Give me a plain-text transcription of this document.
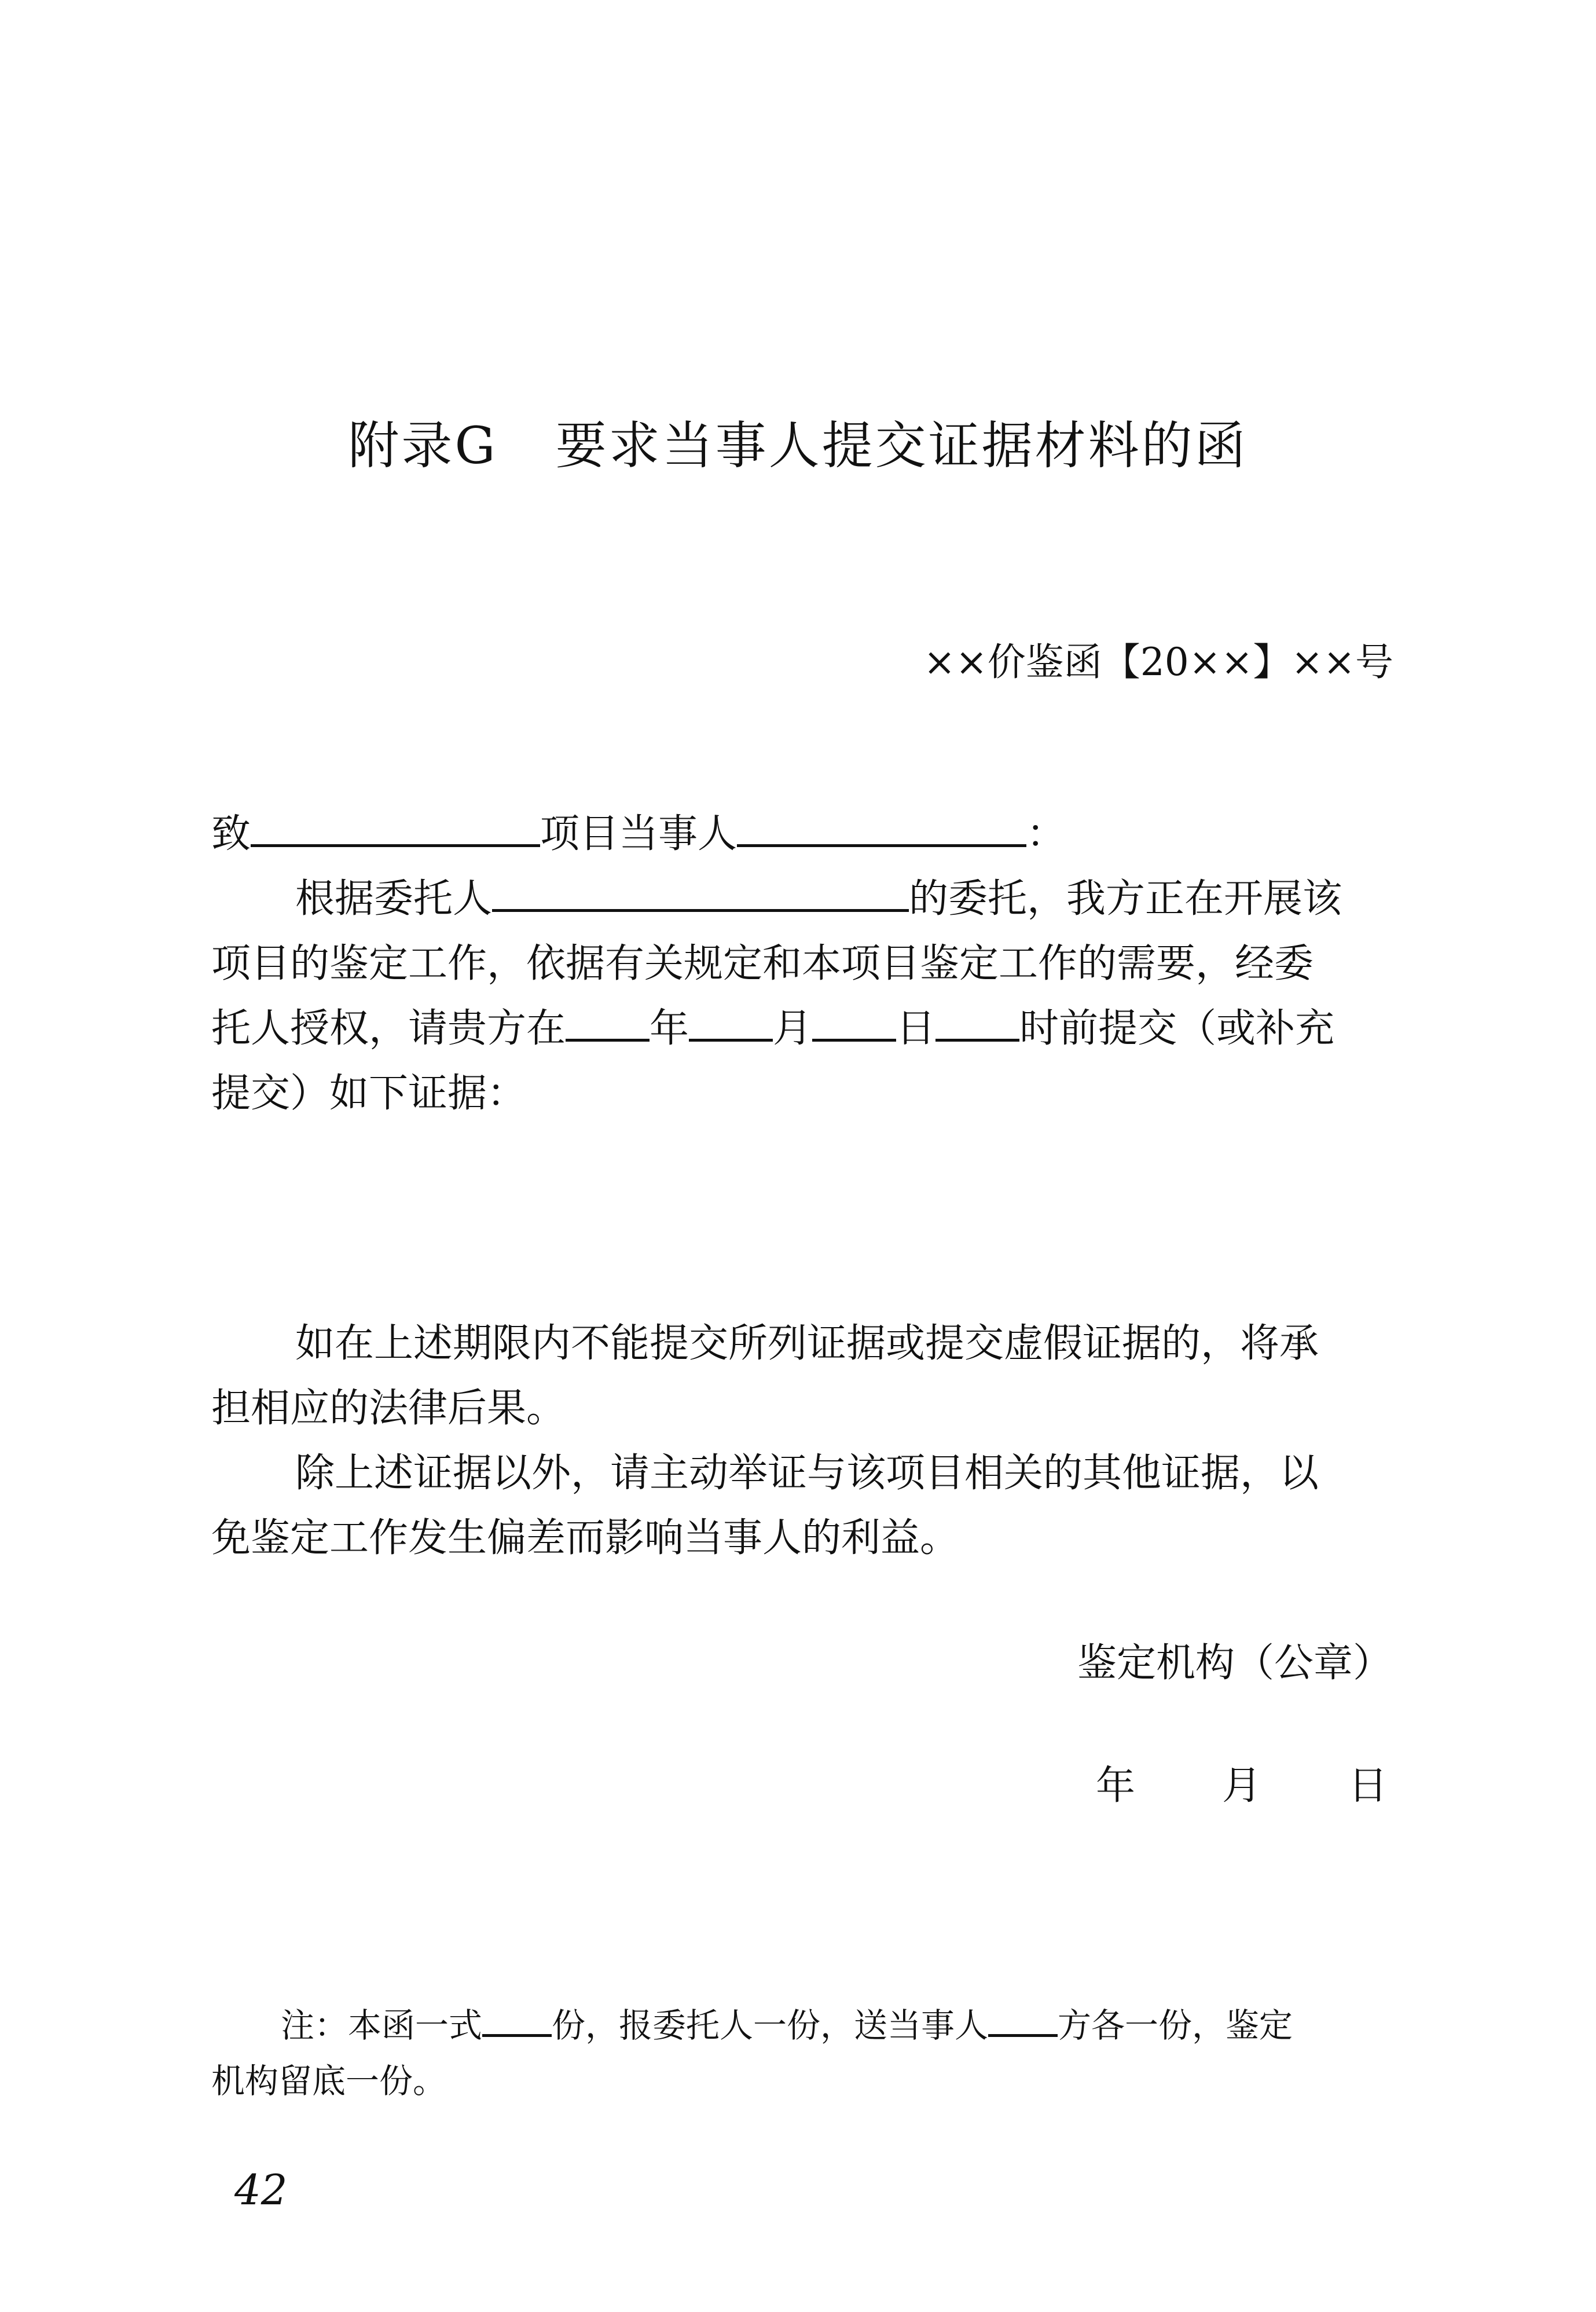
附录G 要求当事人提交证据材料的函
××价鉴函【20××】××号
致	项目当事人	：
根据委托人	的委托，我方正在开展该
项目的鉴定工作，依据有关规定和本项目鉴定工作的需要，经委
托人授权，请贵方在 年 月 日 时前提交（或补充
提交）如下证据：
如在上述期限内不能提交所列证据或提交虚假证据的，将承
担相应的法律后果。
除上述证据以外，请主动举证与该项目相关的其他证据，以
免鉴定工作发生偏差而影响当事人的利益。
鉴定机构（公章）
年 月 日
注：本函一式 份，报委托人一份，送当事人 方各一份，鉴定
机构留底一份。
42
